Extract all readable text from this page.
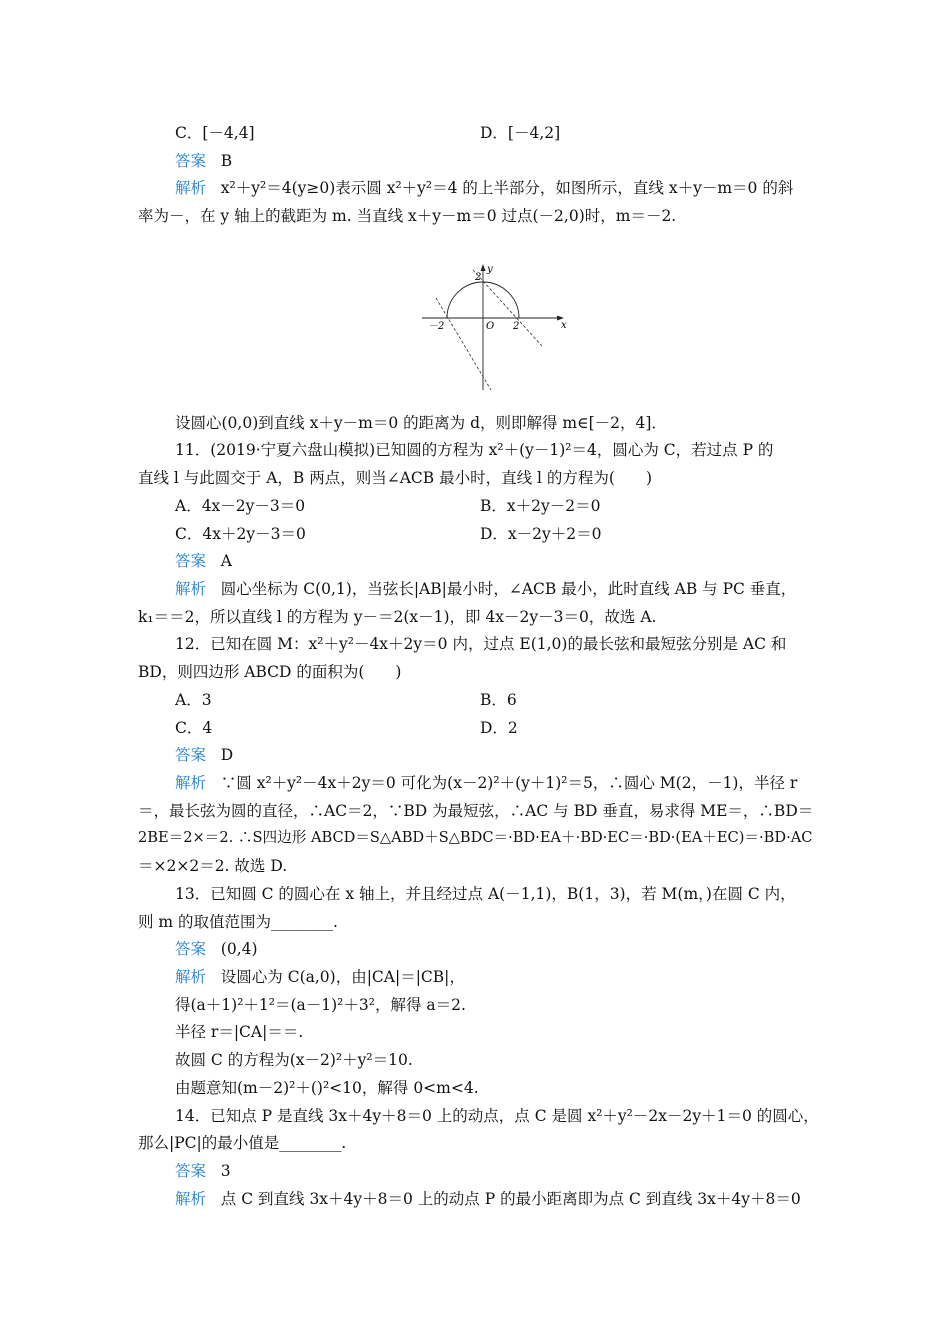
C．[－4,4]	D．[－4,2]
答案 B
解析 x²＋y²＝4(y≥0)表示圆 x²＋y²＝4 的上半部分，如图所示，直线 x＋y－m＝0 的斜
率为－，在 y 轴上的截距为 m. 当直线 x＋y－m＝0 过点(－2,0)时，m＝－2.
y
x
O
2
2
－2
设圆心(0,0)到直线 x＋y－m＝0 的距离为 d，则即解得 m∈[－2，4]．
11．(2019·宁夏六盘山模拟)已知圆的方程为 x²＋(y－1)²＝4，圆心为 C，若过点 P 的
直线 l 与此圆交于 A，B 两点，则当∠ACB 最小时，直线 l 的方程为(　　)
A．4x－2y－3＝0	B．x＋2y－2＝0
C．4x＋2y－3＝0	D．x－2y＋2＝0
答案 A
解析 圆心坐标为 C(0,1)，当弦长|AB|最小时，∠ACB 最小，此时直线 AB 与 PC 垂直，
k₁＝＝2，所以直线 l 的方程为 y－＝2(x－1)，即 4x－2y－3＝0，故选 A.
12．已知在圆 M：x²＋y²－4x＋2y＝0 内，过点 E(1,0)的最长弦和最短弦分别是 AC 和
BD，则四边形 ABCD 的面积为(　　)
A．3	B．6
C．4	D．2
答案 D
解析 ∵圆 x²＋y²－4x＋2y＝0 可化为(x－2)²＋(y＋1)²＝5，∴圆心 M(2，－1)，半径 r
＝，最长弦为圆的直径，∴AC＝2，∵BD 为最短弦，∴AC 与 BD 垂直，易求得 ME＝，∴BD＝
2BE＝2×＝2. ∴S四边形 ABCD＝S△ABD＋S△BDC＝·BD·EA＋·BD·EC＝·BD·(EA＋EC)＝·BD·AC
＝×2×2＝2. 故选 D.
13．已知圆 C 的圆心在 x 轴上，并且经过点 A(－1,1)，B(1，3)，若 M(m，)在圆 C 内，
则 m 的取值范围为________.
答案 (0,4)
解析 设圆心为 C(a,0)，由|CA|＝|CB|，
得(a＋1)²＋1²＝(a－1)²＋3²，解得 a＝2.
半径 r＝|CA|＝＝.
故圆 C 的方程为(x－2)²＋y²＝10.
由题意知(m－2)²＋()²<10，解得 0<m<4.
14．已知点 P 是直线 3x＋4y＋8＝0 上的动点，点 C 是圆 x²＋y²－2x－2y＋1＝0 的圆心，
那么|PC|的最小值是________.
答案 3
解析 点 C 到直线 3x＋4y＋8＝0 上的动点 P 的最小距离即为点 C 到直线 3x＋4y＋8＝0
